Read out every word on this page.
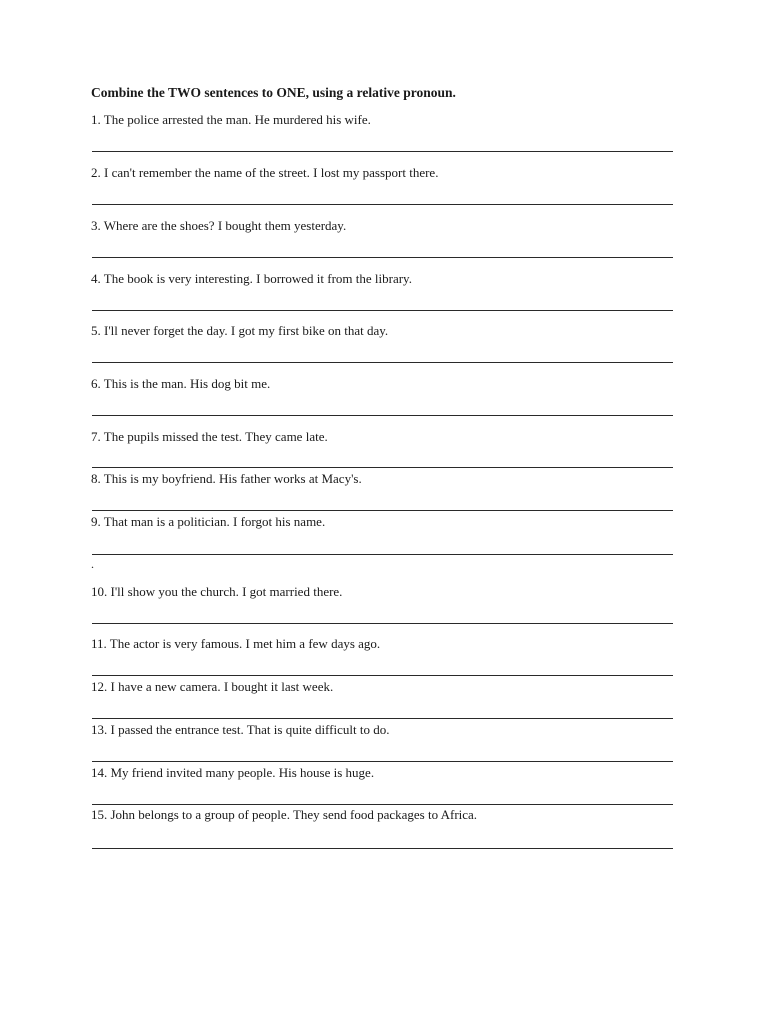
Combine the TWO sentences to ONE, using a relative pronoun.
1. The police arrested the man. He murdered his wife.
2. I can't remember the name of the street. I lost my passport there.
3. Where are the shoes? I bought them yesterday.
4. The book is very interesting. I borrowed it from the library.
5. I'll never forget the day. I got my first bike on that day.
6. This is the man. His dog bit me.
7. The pupils missed the test. They came late.
8. This is my boyfriend. His father works at Macy's.
9. That man is a politician. I forgot his name.
.
10. I'll show you the church. I got married there.
11. The actor is very famous. I met him a few days ago.
12. I have a new camera. I bought it last week.
13. I passed the entrance test. That is quite difficult to do.
14. My friend invited many people. His house is huge.
15. John belongs to a group of people. They send food packages to Africa.
